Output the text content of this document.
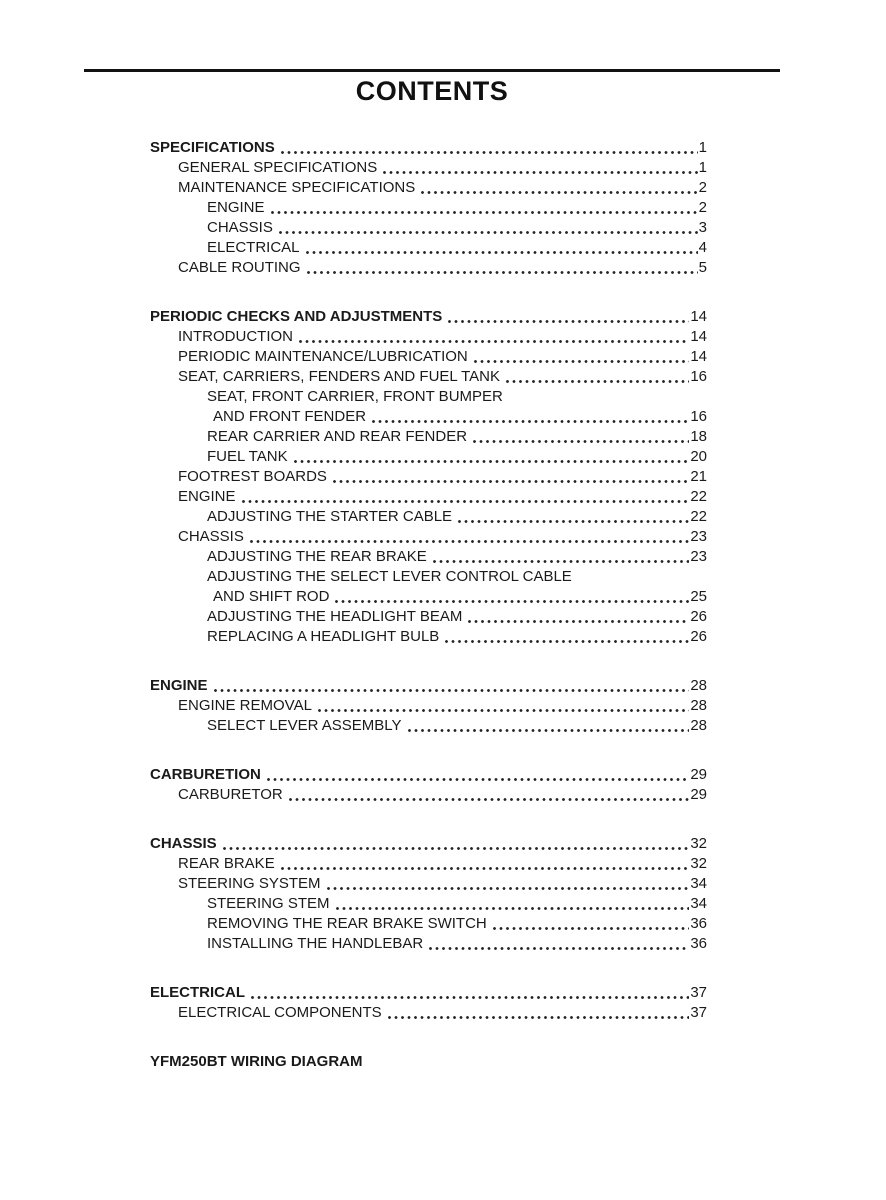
CONTENTS
SPECIFICATIONS	1
GENERAL SPECIFICATIONS	1
MAINTENANCE SPECIFICATIONS	2
ENGINE	2
CHASSIS	3
ELECTRICAL	4
CABLE ROUTING	5
PERIODIC CHECKS AND ADJUSTMENTS	14
INTRODUCTION	14
PERIODIC MAINTENANCE/LUBRICATION	14
SEAT, CARRIERS, FENDERS AND FUEL TANK	16
SEAT, FRONT CARRIER, FRONT BUMPER
AND FRONT FENDER	16
REAR CARRIER AND REAR FENDER	18
FUEL TANK	20
FOOTREST BOARDS	21
ENGINE	22
ADJUSTING THE STARTER CABLE	22
CHASSIS	23
ADJUSTING THE REAR BRAKE	23
ADJUSTING THE SELECT LEVER CONTROL CABLE
AND SHIFT ROD	25
ADJUSTING THE HEADLIGHT BEAM	26
REPLACING A HEADLIGHT BULB	26
ENGINE	28
ENGINE REMOVAL	28
SELECT LEVER ASSEMBLY	28
CARBURETION	29
CARBURETOR	29
CHASSIS	32
REAR BRAKE	32
STEERING SYSTEM	34
STEERING STEM	34
REMOVING THE REAR BRAKE SWITCH	36
INSTALLING THE HANDLEBAR	36
ELECTRICAL	37
ELECTRICAL COMPONENTS	37
YFM250BT WIRING DIAGRAM
